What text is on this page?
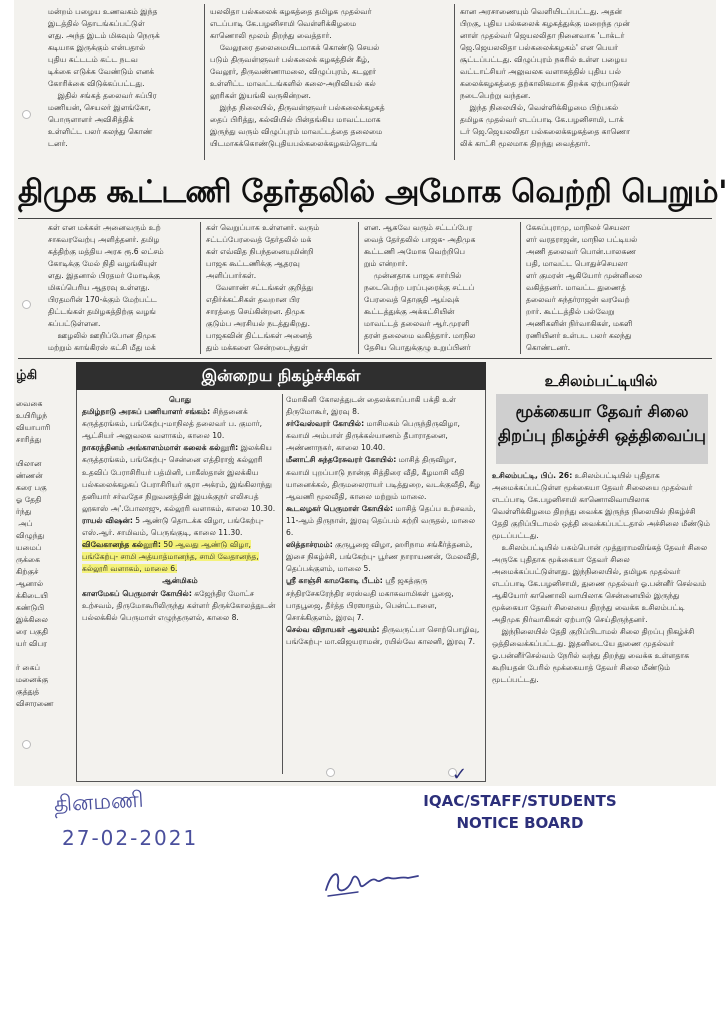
மன்றம் பழைய உணவகம் இந்த
இடத்தில் தொடங்கப்பட்டுள்
ளது. அந்த இடம் மிகவும் நெருக்
கடியாக இருக்கும் என்பதால்
புதிய கட்டடம் கட்ட நடவ
டிக்கை எடுக்க வேண்டும் எனக்
கோரிக்கை விடுக்கப்பட்டது.
இதில் சங்கத் தலைவர் சுப்பிர
மணியன், செயலர் இளங்கோ,
பொருளாளர் அவிசித்திக்
உள்ளிட்ட பலர் கலந்து கொண்
டனர்.
யலலிதா பல்கலைக் கழகத்தை தமிழக முதல்வர்
எடப்பாடி கே.பழனிசாமி வெள்ளிக்கிழமை
காணொலி மூலம் திறந்து வைத்தார்.
வேலூரை தலைமையிடமாகக் கொண்டு செயல்
படும் திருவள்ளுவர் பல்கலைக் கழகத்தின் கீழ்,
வேலூர், திருவண்ணாமலை, விழுப்புரம், கடலூர்
உள்ளிட்ட மாவட்டங்களில் கலை-அறிவியல் கல்
லூரிகள் இயங்கி வருகின்றன.
இந்த நிலையில், திருவள்ளுவர் பல்கலைக்கழகத்
தைப் பிரித்து, கல்வியில் பின்தங்கிய மாவட்டமாக
இருந்து வரும் விழுப்புரம் மாவட்டத்தை தலைமை
யிடமாகக்கொண்டுபுதியபல்கலைக்கழகம்தொடங்
கான அரசாணையும் வெளியிடப்பட்டது. அதன்
பிறகு, புதிய பல்கலைக் கழகத்துக்கு மறைந்த முன்
னாள் முதல்வர் ஜெயலலிதா நினைவாக 'டாக்டர்
ஜெ.ஜெயலலிதா பல்கலைக்கழகம்' என பெயர்
சூட்டப்பட்டது. விழுப்புரம் நகரில் உள்ள பழைய
வட்டாட்சியர் அலுவலக வளாகத்தில் புதிய பல்
கலைக்கழகத்தை தற்காலிகமாக திறக்க ஏற்பாடுகள்
நடைபெற்று வந்தன.
இந்த நிலையில், வெள்ளிக்கிழமை பிற்பகல்
தமிழக முதல்வர் எடப்பாடி கே.பழனிசாமி, டாக்
டர் ஜெ.ஜெயலலிதா பல்கலைக்கழகத்தை காணொ
லிக் காட்சி மூலமாக திறந்து வைத்தார்.
திமுக கூட்டணி தேர்தலில் அமோக வெற்றி பெறும்'
கள் என மக்கள் அனைவரும் உற்
சாகவரவேற்பு அளித்தனர். தமிழ
கத்திற்கு மத்திய அரசு ரூ.6 லட்சம்
கோடிக்கு மேல் நிதி வழங்கியுள்
ளது. இதனால் பிரதமர் மோடிக்கு
மிகப்பெரிய ஆதரவு உள்ளது.
பிரதமரின் 170-க்கும் மேற்பட்ட
திட்டங்கள் தமிழகத்திற்கு வழங்
கப்பட்டுள்ளன.
ஊழலில் ஊறிப்போன திமுக
மற்றும் காங்கிரஸ் கட்சி மீது மக்
கள் வெறுப்பாக உள்ளனர். வரும்
சட்டப்பேரவைத் தேர்தலில் மக்
கள் எவ்வித நிபந்தனையுமின்றி
பாஜக கூட்டணிக்கு ஆதரவு
அளிப்பார்கள்.
வேளாண் சட்டங்கள் குறித்து
எதிர்க்கட்சிகள் தவறான பிர
சாரத்தை செய்கின்றன. திமுக
குடும்ப அரசியல் நடத்துகிறது.
பாஜகவின் திட்டங்கள் அனைத்
தும் மக்களை சென்றடைந்துள்
ளன. ஆகவே வரும் சட்டப்பேர
வைத் தேர்தலில் பாஜக- அதிமுக
கூட்டணி அமோக வெற்றிபெ
றும் என்றார்.
முன்னதாக பாஜக சார்பில்
நடைபெற்ற பரப்புரைக்கு சட்டப்
பேரவைத் தொகுதி ஆய்வுக்
கூட்டத்துக்கு அக்கட்சியின்
மாவட்டத் தலைவர் ஆர்.முரளி
தரன் தலைமை வகித்தார். மாநில
தேசிய பொதுக்குழு உறுப்பினர்
கேசுப்புராமு, மாநிலச் செயலா
ளர் வரதராஜன், மாநில பட்டியல்
அணி தலைவர் பொன்.பாலகண
பதி, மாவட்ட பொதுச்செயலா
ளர் குமரன் ஆகியோர் முன்னிலை
வகித்தனர். மாவட்ட துணைத்
தலைவர் சுந்தர்ராஜன் வரவேற்
றார். கூட்டத்தில் பல்வேறு
அணிகளின் நிர்வாகிகள், மகளி
ரணியினர் உள்பட பலர் கலந்து
கொண்டனர்.
ழ்கி
வைகை
உயிரிழந்
வியாபாரி
சாரித்து

யிலான
ண்ணன்
கரை பகு
ஓ தேதி
ர்ந்து
அப்
விழுந்து
யமைப்
ருக்கை
கிற்குச்
ஆனால்
க்கிடையி
கண்டுபி
இக்கிலை
ரை பகுதி
யர் விபர

ர் கைப்
மனைக்கு
குத்துத்
விசாரணை
இன்றைய நிகழ்ச்சிகள்
பொது
தமிழ்நாடு அரசுப் பணியாளர் சங்கம்: சிந்தனைக் கருத்தரங்கம், பங்கேற்பு-மாநிலத் தலைவர் ப. குமார், ஆட்சியர் அலுவலக வளாகம், காலை 10.
நாகரத்தினம் அங்காளம்மாள் கலைக் கல்லூரி: இலக்கிய கருத்தரங்கம், பங்கேற்பு- சென்னை எத்திராஜ் கல்லூரி உதவிப் பேராசிரியர் பத்மினி, பாகீஸ்தான் இலக்கிய பல்கலைக்கழகப் பேராசிரியர் சூரா அக்ரம், இங்கிலாந்து தனியார் சர்வதேச நிறுவனத்தின் இயக்குநர் எலிசபத் லூகாஸ் அ'.போலாஜு, கல்லூரி வளாகம், காலை 10.30.
ராயல் விஷன்: 5 ஆண்டு தொடக்க விழா, பங்கேற்பு- எஸ்.ஆர். சாமிவம், பெருங்குடி, காலை 11.30.
விவேகானந்த கல்லூரி: 50 ஆவது ஆண்டு விழா, பங்கேற்பு- சாமி அத்யாத்மானந்த, சாமி வேதானந்த, கல்லூரி வளாகம், மாலை 6.
ஆன்மிகம்
காளமேகப் பெருமாள் கோயில்: கஜேந்திர மோட்ச உற்சவம், திருமோகூரிலிருந்து கள்ளர் திருக்கோலத்துடன் பல்லக்கில் பெருமாள் எழுந்தருளல், காலை 8.
மோகினி கோலத்துடன் தைலக்காப்பாகி பக்தி உள் திருமோகூர், இரவு 8.
சர்வேஸ்வரர் கோயில்: மாசிமகம் பெருந்திருவிழா, சுவாமி அம்பாள் திருக்கல்யாணம் தீபாராதனை, அண்ணாநகர், காலை 10.40.
மீனாட்சி சுந்தரேசுவரர் கோயில்: மாசித் திருவிழா, சுவாமி புறப்பாடு நான்கு சித்திரை வீதி, கீழமாசி வீதி யானைக்கல், திருமலைராயர் படித்துறை, வடக்குவீதி, கீழ ஆவணி மூலவீதி, காலை மற்றும் மாலை.
கூடலழகர் பெருமாள் கோயில்: மாசித் தெப்ப உற்சவம், 11-ஆம் திருநாள், இரவு தெப்பம் சுற்றி வருதல், மாலை 6.
ஸித்தாச்ரமம்: குருபூஜை விழா, ஹரிநாம சங்கீர்த்தனம், இசை நிகழ்ச்சி, பங்கேற்பு- பூர்ண நாராயணன், மேலவீதி, தெப்பக்குளம், மாலை 5.
ஸ்ரீ காஞ்சி காமகோடி பீடம்: ஸ்ரீ ஜகத்குரு சந்திரசேகரேந்திர சரஸ்வதி மகாசுவாமிகள் பூஜை, பாதபூஜை, தீர்த்த பிரஸாதம், பென்ட்டாளை, சொக்கிகுளம், இரவு 7.
செல்வ விநாயகர் ஆலயம்: திருவருட்பா சொற்பொழிவு, பங்கேற்பு- மா.விஜயராமன், ரயில்வே காலனி, இரவு 7.
உசிலம்பட்டியில்
மூக்கையா தேவர் சிலை
திறப்பு நிகழ்ச்சி ஒத்திவைப்பு
உசிலம்பட்டி, பிப். 26: உசிலம்பட்டியில் புதிதாக அமைக்கப்பட்டுள்ள மூக்கையா தேவர் சிலையை முதல்வர் எடப்பாடி கே.பழனிசாமி காணொலிவாயிலாக வெள்ளிக்கிழமை திறந்து வைக்க இருந்த நிலையில் நிகழ்ச்சி தேதி குறிப்பிடாமல் ஒத்தி வைக்கப்பட்டதால் அச்சிலை மீண்டும் மூடப்பட்டது.
உசிலம்பட்டியில் பசும்பொன் முத்துராமலிங்கத் தேவர் சிலை அருகே புதிதாக மூக்கையா தேவர் சிலை அமைக்கப்பட்டுள்ளது. இந்நிலையில், தமிழக முதல்வர் எடப்பாடி கே.பழனிசாமி, துணை முதல்வர் ஓ.பன்னீர் செல்வம் ஆகியோர் காணொலி வாயிலாக சென்னையில் இருந்து மூக்கையா தேவர் சிலையை திறந்து வைக்க உசிலம்பட்டி அதிமுக நிர்வாகிகள் ஏற்பாடு செய்திருந்தனர்.
இந்நிலையில் தேதி குறிப்பிடாமல் சிலை திறப்பு நிகழ்ச்சி ஒத்திவைக்கப்பட்டது. இதனிடையே துணை முதல்வர் ஓ.பன்னீர்செல்வம் நேரில் வந்து திறந்து வைக்க உள்ளதாக கூறியதன் பேரில் மூக்கையாத் தேவர் சிலை மீண்டும் மூடப்பட்டது.
தினமணி
27-02-2021
IQAC/STAFF/STUDENTS
NOTICE BOARD
✓
